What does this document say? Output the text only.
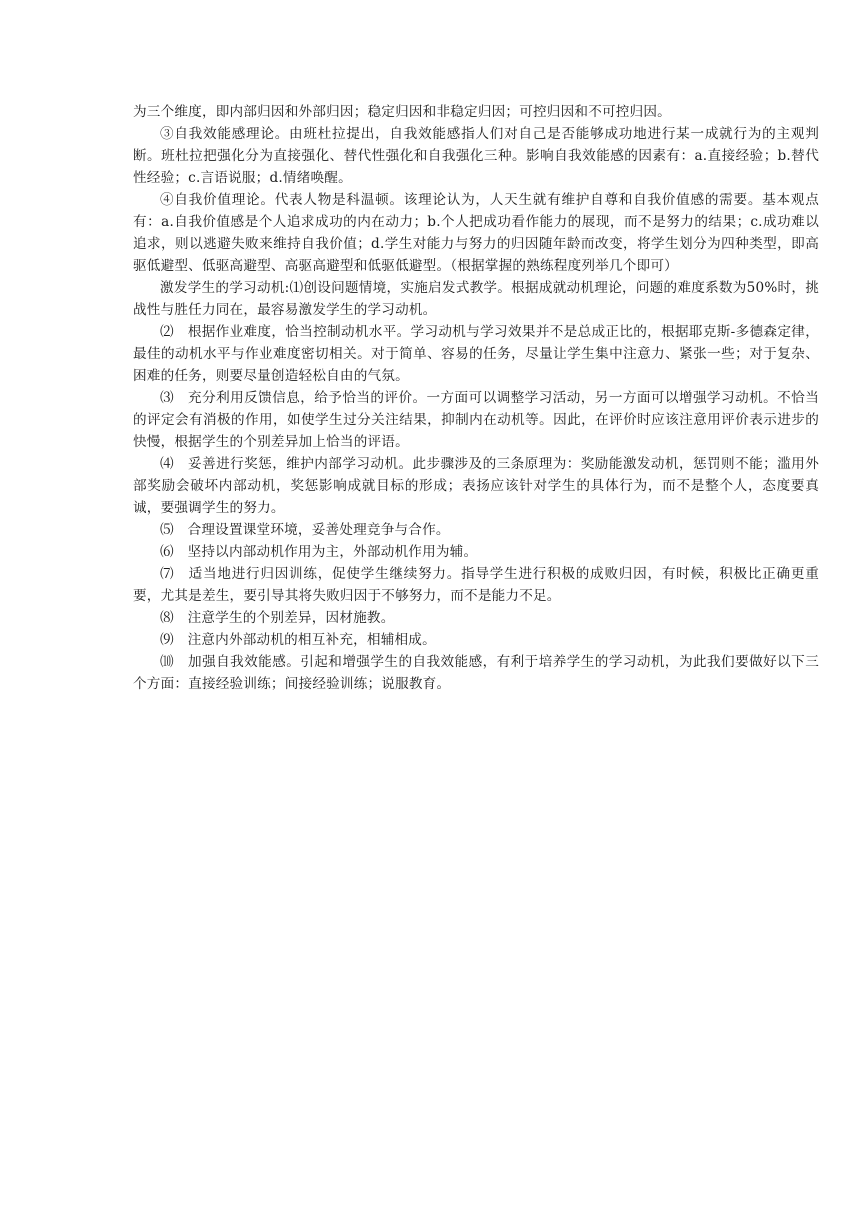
为三个维度，即内部归因和外部归因；稳定归因和非稳定归因；可控归因和不可控归因。

③自我效能感理论。由班杜拉提出，自我效能感指人们对自己是否能够成功地进行某一成就行为的主观判断。班杜拉把强化分为直接强化、替代性强化和自我强化三种。影响自我效能感的因素有：a.直接经验；b.替代性经验；c.言语说服；d.情绪唤醒。

④自我价值理论。代表人物是科温顿。该理论认为，人天生就有维护自尊和自我价值感的需要。基本观点有：a.自我价值感是个人追求成功的内在动力；b.个人把成功看作能力的展现，而不是努力的结果；c.成功难以追求，则以逃避失败来维持自我价值；d.学生对能力与努力的归因随年龄而改变，将学生划分为四种类型，即高驱低避型、低驱高避型、高驱高避型和低驱低避型。（根据掌握的熟练程度列举几个即可）

激发学生的学习动机:⑴创设问题情境，实施启发式教学。根据成就动机理论，问题的难度系数为50%时，挑战性与胜任力同在，最容易激发学生的学习动机。

⑵　根据作业难度，恰当控制动机水平。学习动机与学习效果并不是总成正比的，根据耶克斯-多德森定律，最佳的动机水平与作业难度密切相关。对于简单、容易的任务，尽量让学生集中注意力、紧张一些；对于复杂、困难的任务，则要尽量创造轻松自由的气氛。

⑶　充分利用反馈信息，给予恰当的评价。一方面可以调整学习活动，另一方面可以增强学习动机。不恰当的评定会有消极的作用，如使学生过分关注结果，抑制内在动机等。因此，在评价时应该注意用评价表示进步的快慢，根据学生的个别差异加上恰当的评语。

⑷　妥善进行奖惩，维护内部学习动机。此步骤涉及的三条原理为：奖励能激发动机，惩罚则不能；滥用外部奖励会破坏内部动机，奖惩影响成就目标的形成；表扬应该针对学生的具体行为，而不是整个人，态度要真诚，要强调学生的努力。

⑸　合理设置课堂环境，妥善处理竞争与合作。

⑹　坚持以内部动机作用为主，外部动机作用为辅。

⑺　适当地进行归因训练，促使学生继续努力。指导学生进行积极的成败归因，有时候，积极比正确更重要，尤其是差生，要引导其将失败归因于不够努力，而不是能力不足。

⑻　注意学生的个别差异，因材施教。

⑼　注意内外部动机的相互补充，相辅相成。

⑽　加强自我效能感。引起和增强学生的自我效能感，有利于培养学生的学习动机，为此我们要做好以下三个方面：直接经验训练；间接经验训练；说服教育。
